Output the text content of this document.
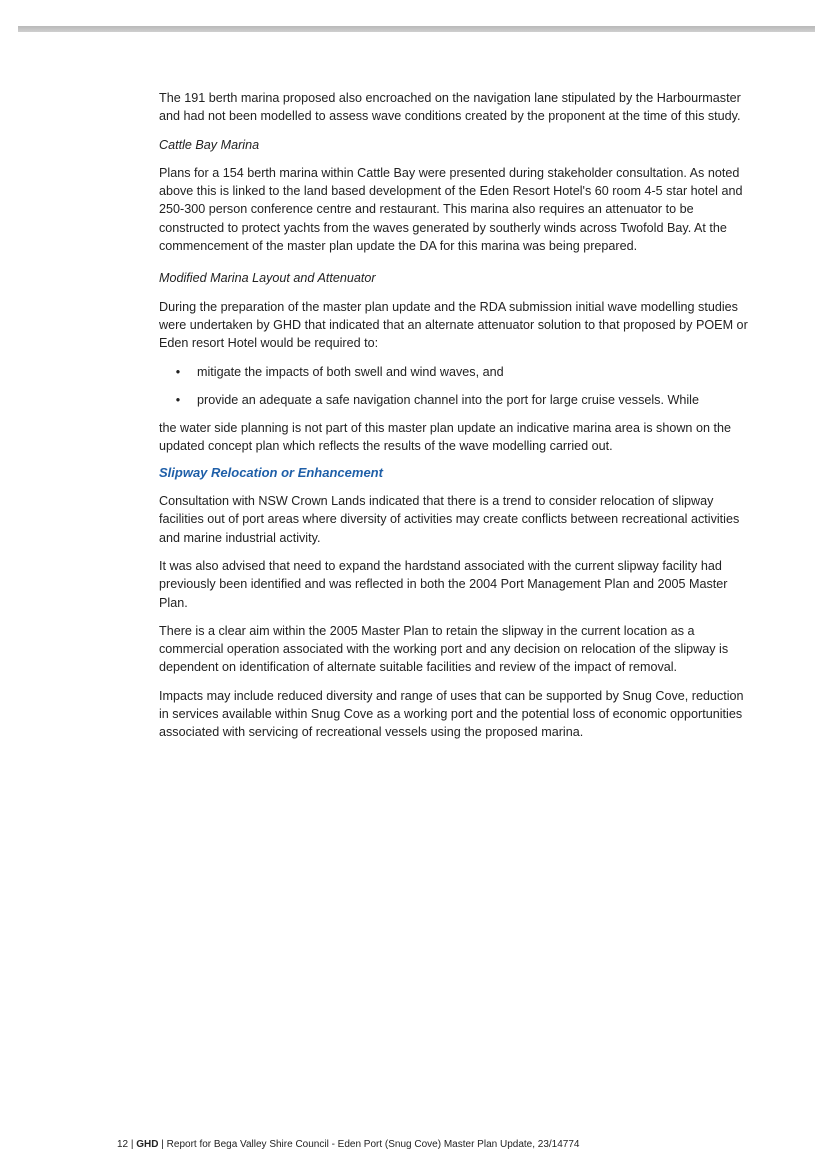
The 191 berth marina proposed also encroached on the navigation lane stipulated by the Harbourmaster and had not been modelled to assess wave conditions created by the proponent at the time of this study.

Cattle Bay Marina

Plans for a 154 berth marina within Cattle Bay were presented during stakeholder consultation. As noted above this is linked to the land based development of the Eden Resort Hotel's 60 room 4-5 star hotel and 250-300 person conference centre and restaurant. This marina also requires an attenuator to be constructed to protect yachts from the waves generated by southerly winds across Twofold Bay. At the commencement of the master plan update the DA for this marina was being prepared.

Modified Marina Layout and Attenuator

During the preparation of the master plan update and the RDA submission initial wave modelling studies were undertaken by GHD that indicated that an alternate attenuator solution to that proposed by POEM or Eden resort Hotel would be required to:

•	mitigate the impacts of both swell and wind waves, and
•	provide an adequate a safe navigation channel into the port for large cruise vessels. While

the water side planning is not part of this master plan update an indicative marina area is shown on the updated concept plan which reflects the results of the wave modelling carried out.

Slipway Relocation or Enhancement

Consultation with NSW Crown Lands indicated that there is a trend to consider relocation of slipway facilities out of port areas where diversity of activities may create conflicts between recreational activities and marine industrial activity.

It was also advised that need to expand the hardstand associated with the current slipway facility had previously been identified and was reflected in both the 2004 Port Management Plan and 2005 Master Plan.

There is a clear aim within the 2005 Master Plan to retain the slipway in the current location as a commercial operation associated with the working port and any decision on relocation of the slipway is dependent on identification of alternate suitable facilities and review of the impact of removal.

Impacts may include reduced diversity and range of uses that can be supported by Snug Cove, reduction in services available within Snug Cove as a working port and the potential loss of economic opportunities associated with servicing of recreational vessels using the proposed marina.

12 | GHD | Report for Bega Valley Shire Council - Eden Port (Snug Cove) Master Plan Update, 23/14774
